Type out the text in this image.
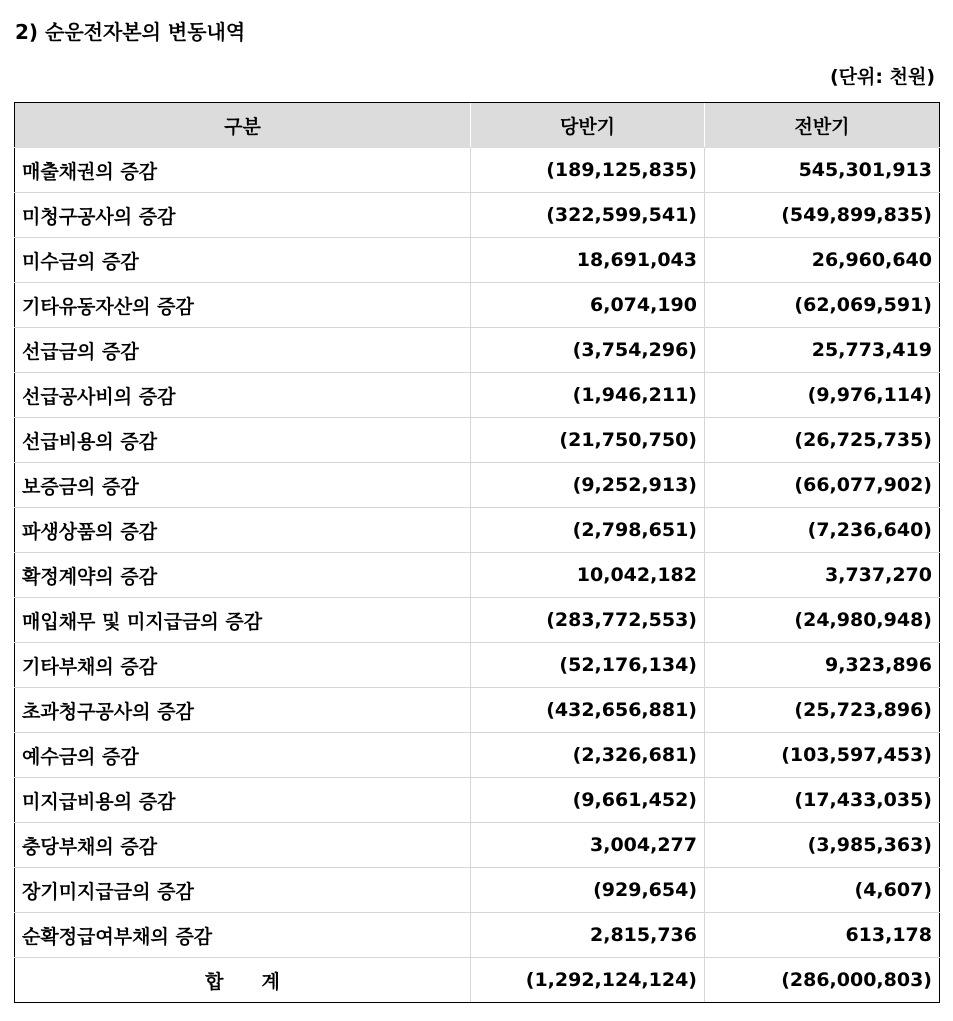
2) 순운전자본의 변동내역
(단위: 천원)
구분	당반기	전반기
매출채권의 증감	(189,125,835)	545,301,913
미청구공사의 증감	(322,599,541)	(549,899,835)
미수금의 증감	18,691,043	26,960,640
기타유동자산의 증감	6,074,190	(62,069,591)
선급금의 증감	(3,754,296)	25,773,419
선급공사비의 증감	(1,946,211)	(9,976,114)
선급비용의 증감	(21,750,750)	(26,725,735)
보증금의 증감	(9,252,913)	(66,077,902)
파생상품의 증감	(2,798,651)	(7,236,640)
확정계약의 증감	10,042,182	3,737,270
매입채무 및 미지급금의 증감	(283,772,553)	(24,980,948)
기타부채의 증감	(52,176,134)	9,323,896
초과청구공사의 증감	(432,656,881)	(25,723,896)
예수금의 증감	(2,326,681)	(103,597,453)
미지급비용의 증감	(9,661,452)	(17,433,035)
충당부채의 증감	3,004,277	(3,985,363)
장기미지급금의 증감	(929,654)	(4,607)
순확정급여부채의 증감	2,815,736	613,178
합　　계	(1,292,124,124)	(286,000,803)
